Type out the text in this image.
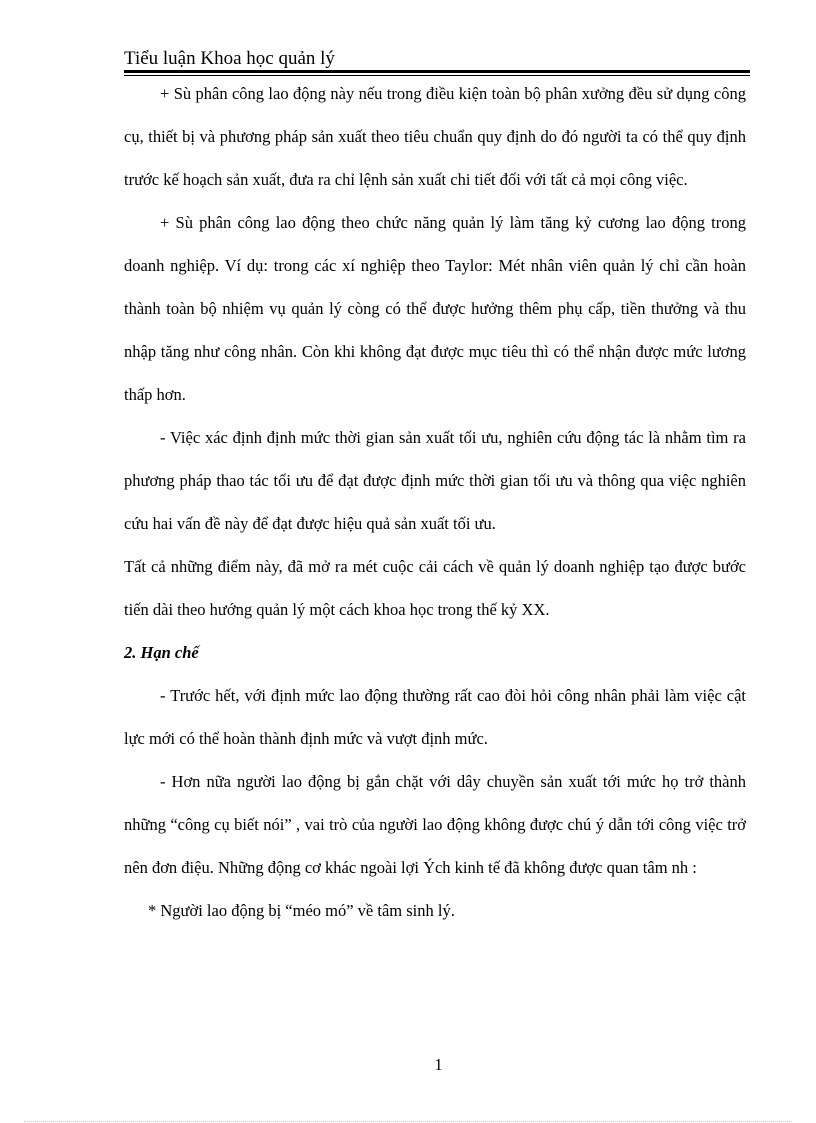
Tiểu luận Khoa học quản lý

+ Sù phân công lao động này nếu trong điều kiện toàn bộ phân xưởng đều sử dụng công cụ, thiết bị và phương pháp sản xuất theo tiêu chuẩn quy định do đó người ta có thể quy định trước kế hoạch sản xuất, đưa ra chỉ lệnh sản xuất chi tiết đối với tất cả mọi công việc.

+ Sù phân công lao động theo chức năng quản lý làm tăng kỷ cương lao động trong doanh nghiệp. Ví dụ: trong các xí nghiệp theo Taylor: Mét nhân viên quản lý chỉ cần hoàn thành toàn bộ nhiệm vụ quản lý còng có thể được hưởng thêm phụ cấp, tiền thưởng và thu nhập tăng như công nhân. Còn khi không đạt được mục tiêu thì có thể nhận được mức lương thấp hơn.

- Việc xác định định mức thời gian sản xuất tối ưu, nghiên cứu động tác là nhằm tìm ra phương pháp thao tác tối ưu để đạt được định mức thời gian tối ưu và thông qua việc nghiên cứu hai vấn đề này để đạt được hiệu quả sản xuất tối ưu.

Tất cả những điểm này, đã mở ra mét cuộc cải cách về quản lý doanh nghiệp tạo được bước tiến dài theo hướng quản lý một cách khoa học trong thế kỷ XX.

2. Hạn chế

- Trước hết, với định mức lao động thường rất cao đòi hỏi công nhân phải làm việc cật lực mới có thể hoàn thành định mức và vượt định mức.

- Hơn nữa người lao động bị gắn chặt với dây chuyền sản xuất tới mức họ trở thành những “công cụ biết nói” , vai trò của người lao động không được chú ý dẫn tới công việc trở nên đơn điệu. Những động cơ khác ngoài lợi Ých kinh tế đã không được quan tâm nh :

* Người lao động bị “méo mó” về tâm sinh lý.

1
